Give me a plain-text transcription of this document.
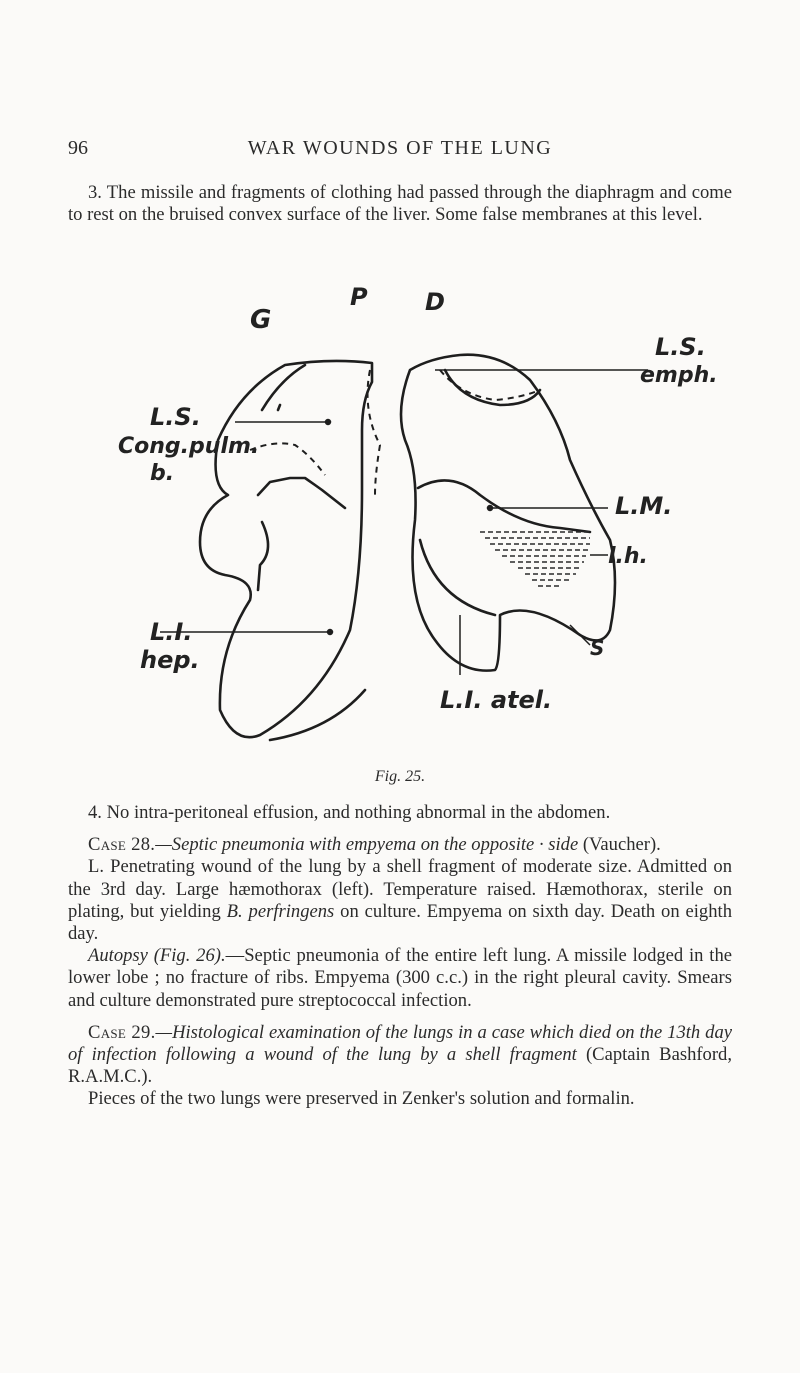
96	WAR WOUNDS OF THE LUNG

3. The missile and fragments of clothing had passed through the diaphragm and come to rest on the bruised convex surface of the liver. Some false membranes at this level.

G
P D
L.S.
Cong.pulm.
b.
L.S.
emph.
L.M.
l.h.
L.I.
hep.	S
L.I. atel.
Fig. 25.

4. No intra-peritoneal effusion, and nothing abnormal in the abdomen.

Case 28.—Septic pneumonia with empyema on the opposite · side (Vaucher).

L. Penetrating wound of the lung by a shell fragment of moderate size. Admitted on the 3rd day. Large hæmothorax (left). Temperature raised. Hæmothorax, sterile on plating, but yielding B. perfringens on culture. Empyema on sixth day. Death on eighth day.

Autopsy (Fig. 26).—Septic pneumonia of the entire left lung. A missile lodged in the lower lobe ; no fracture of ribs. Empyema (300 c.c.) in the right pleural cavity. Smears and culture demonstrated pure streptococcal infection.

Case 29.—Histological examination of the lungs in a case which died on the 13th day of infection following a wound of the lung by a shell fragment (Captain Bashford, R.A.M.C.).

Pieces of the two lungs were preserved in Zenker's solution and formalin.
